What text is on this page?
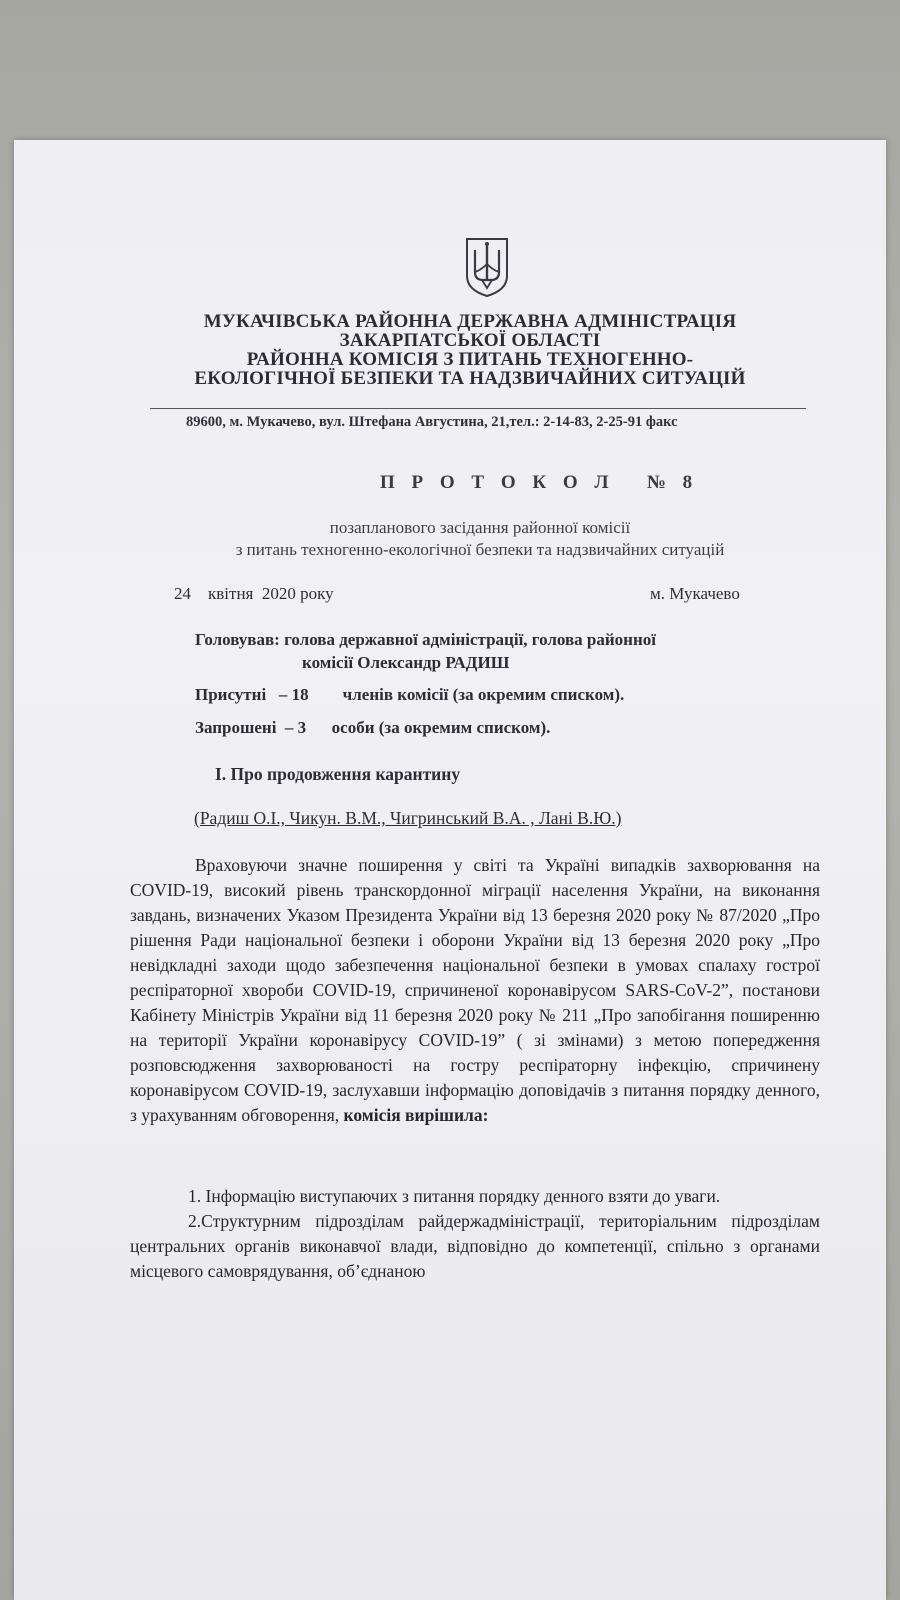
МУКАЧІВСЬКА РАЙОННА ДЕРЖАВНА АДМІНІСТРАЦІЯ
ЗАКАРПАТСЬКОЇ ОБЛАСТІ
РАЙОННА КОМІСІЯ З ПИТАНЬ ТЕХНОГЕННО-
ЕКОЛОГІЧНОЇ БЕЗПЕКИ ТА НАДЗВИЧАЙНИХ СИТУАЦІЙ
89600, м. Мукачево, вул. Штефана Августина, 21,тел.: 2-14-83, 2-25-91 факс
П Р О Т О К О Л   № 8
позапланового засідання районної комісії
з питань техногенно-екологічної безпеки та надзвичайних ситуацій
24    квітня  2020 року	м. Мукачево
Головував: голова державної адміністрації, голова районної
комісії Олександр РАДИШ
Присутні   – 18        членів комісії (за окремим списком).
Запрошені  – 3      особи (за окремим списком).
І. Про продовження карантину
(Радиш О.І., Чикун. В.М., Чигринський В.А. , Лані В.Ю.)
Враховуючи значне поширення у світі та Україні випадків захворювання на COVID-19, високий рівень транскордонної міграції населення України, на виконання завдань, визначених Указом Президента України від 13 березня 2020 року № 87/2020 „Про рішення Ради національної безпеки і оборони України від 13 березня 2020 року „Про невідкладні заходи щодо забезпечення національної безпеки в умовах спалаху гострої респіраторної хвороби COVID-19, спричиненої коронавірусом SARS-CoV-2”, постанови Кабінету Міністрів України від 11 березня 2020 року № 211 „Про запобігання поширенню на території України коронавірусу COVID-19” ( зі змінами) з метою попередження розповсюдження захворюваності на гостру респіраторну інфекцію, спричинену коронавірусом COVID-19, заслухавши інформацію доповідачів з питання порядку денного, з урахуванням обговорення, комісія вирішила:
1. Інформацію виступаючих з питання порядку денного взяти до уваги.
2.Структурним підрозділам райдержадміністрації, територіальним підрозділам центральних органів виконавчої влади, відповідно до компетенції, спільно з органами місцевого самоврядування, об’єднаною
